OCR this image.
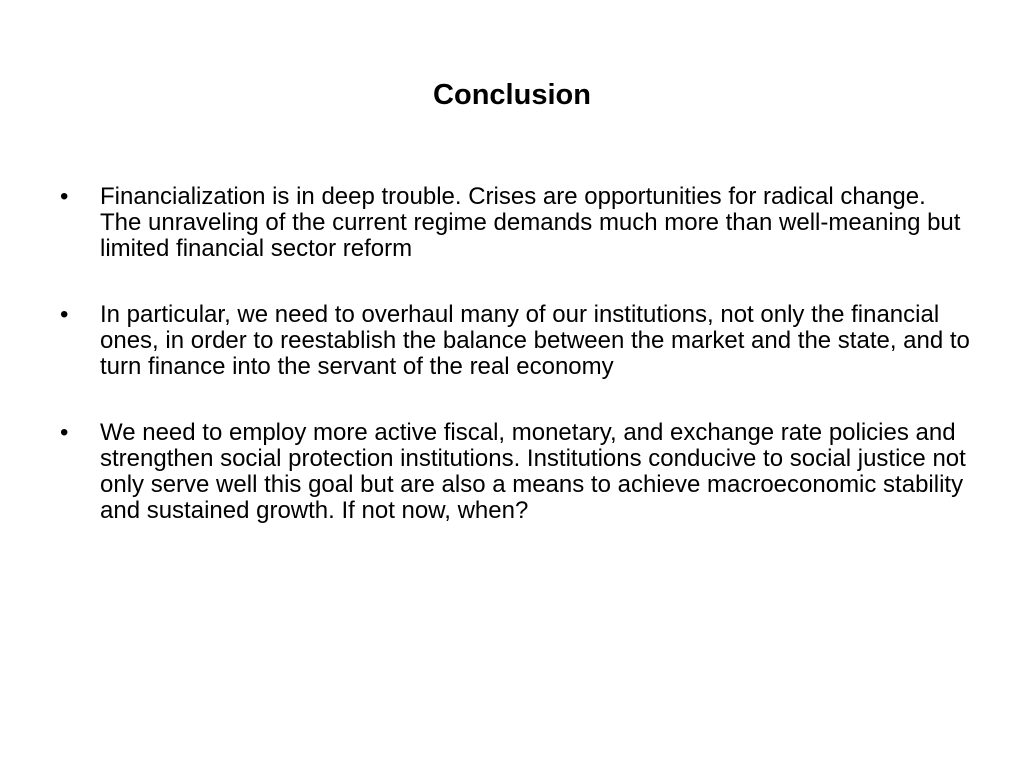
Conclusion
•	Financialization is in deep trouble. Crises are opportunities for radical change. The unraveling of the current regime demands much more than well-meaning but limited financial sector reform
•	In particular, we need to overhaul many of our institutions, not only the financial ones, in order to reestablish the balance between the market and the state, and to turn finance into the servant of the real economy
•	We need to employ more active fiscal, monetary, and exchange rate policies and strengthen social protection institutions. Institutions conducive to social justice not only serve well this goal but are also a means to achieve macroeconomic stability and sustained growth. If not now, when?
